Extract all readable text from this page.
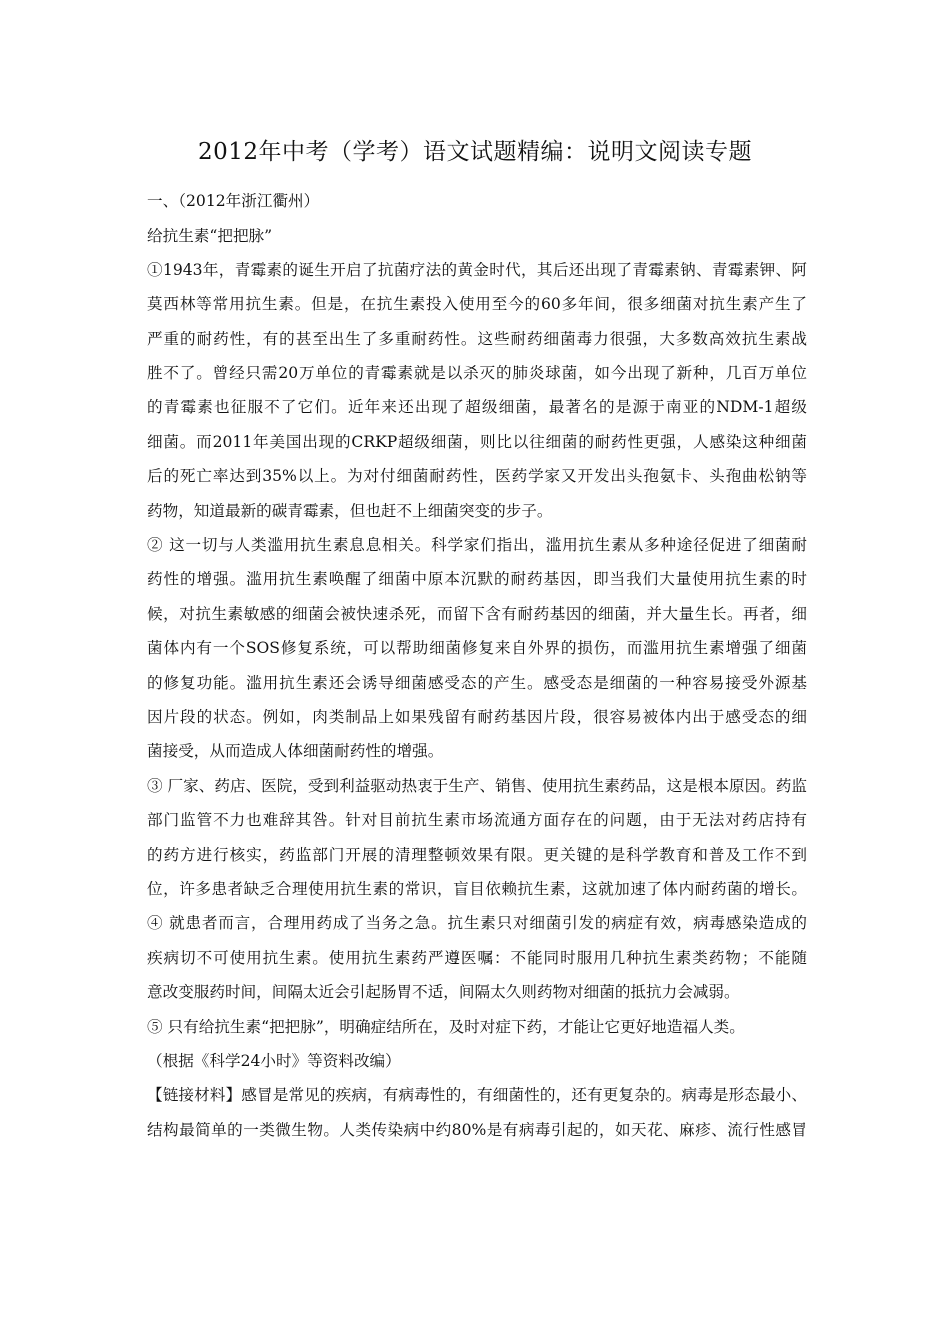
2012年中考（学考）语文试题精编：说明文阅读专题
一、（2012年浙江衢州）
给抗生素“把把脉”
①1943年，青霉素的诞生开启了抗菌疗法的黄金时代，其后还出现了青霉素钠、青霉素钾、阿
莫西林等常用抗生素。但是，在抗生素投入使用至今的60多年间，很多细菌对抗生素产生了
严重的耐药性，有的甚至出生了多重耐药性。这些耐药细菌毒力很强，大多数高效抗生素战
胜不了。曾经只需20万单位的青霉素就是以杀灭的肺炎球菌，如今出现了新种，几百万单位
的青霉素也征服不了它们。近年来还出现了超级细菌，最著名的是源于南亚的NDM-1超级
细菌。而2011年美国出现的CRKP超级细菌，则比以往细菌的耐药性更强，人感染这种细菌
后的死亡率达到35%以上。为对付细菌耐药性，医药学家又开发出头孢氨卡、头孢曲松钠等
药物，知道最新的碳青霉素，但也赶不上细菌突变的步子。
② 这一切与人类滥用抗生素息息相关。科学家们指出，滥用抗生素从多种途径促进了细菌耐
药性的增强。滥用抗生素唤醒了细菌中原本沉默的耐药基因，即当我们大量使用抗生素的时
候，对抗生素敏感的细菌会被快速杀死，而留下含有耐药基因的细菌，并大量生长。再者，细
菌体内有一个SOS修复系统，可以帮助细菌修复来自外界的损伤，而滥用抗生素增强了细菌
的修复功能。滥用抗生素还会诱导细菌感受态的产生。感受态是细菌的一种容易接受外源基
因片段的状态。例如，肉类制品上如果残留有耐药基因片段，很容易被体内出于感受态的细
菌接受，从而造成人体细菌耐药性的增强。
③ 厂家、药店、医院，受到利益驱动热衷于生产、销售、使用抗生素药品，这是根本原因。药监
部门监管不力也难辞其咎。针对目前抗生素市场流通方面存在的问题，由于无法对药店持有
的药方进行核实，药监部门开展的清理整顿效果有限。更关键的是科学教育和普及工作不到
位，许多患者缺乏合理使用抗生素的常识，盲目依赖抗生素，这就加速了体内耐药菌的增长。
④ 就患者而言，合理用药成了当务之急。抗生素只对细菌引发的病症有效，病毒感染造成的
疾病切不可使用抗生素。使用抗生素药严遵医嘱：不能同时服用几种抗生素类药物；不能随
意改变服药时间，间隔太近会引起肠胃不适，间隔太久则药物对细菌的抵抗力会减弱。
⑤ 只有给抗生素“把把脉”，明确症结所在，及时对症下药，才能让它更好地造福人类。
（根据《科学24小时》等资料改编）
【链接材料】感冒是常见的疾病，有病毒性的，有细菌性的，还有更复杂的。病毒是形态最小、
结构最简单的一类微生物。人类传染病中约80%是有病毒引起的，如天花、麻疹、流行性感冒
